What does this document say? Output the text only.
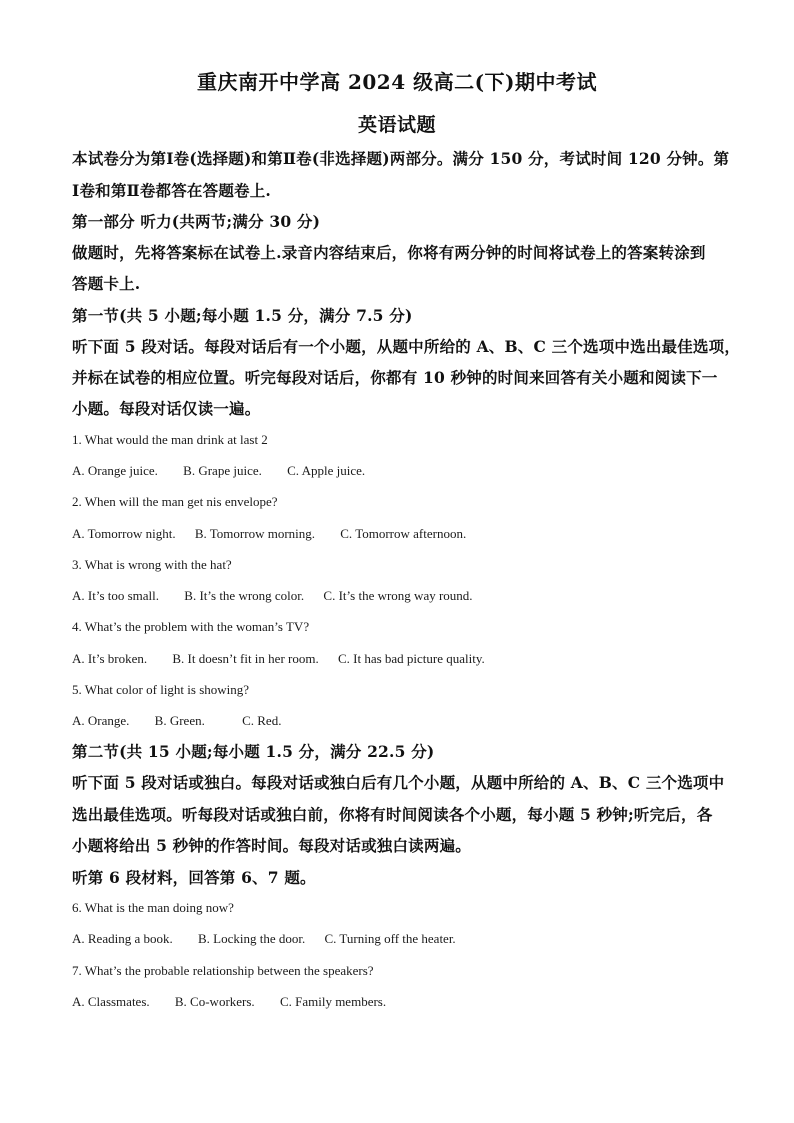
重庆南开中学高 2024 级高二(下)期中考试
英语试题
本试卷分为第Ⅰ卷(选择题)和第Ⅱ卷(非选择题)两部分。满分 150 分，考试时间 120 分钟。第
Ⅰ卷和第Ⅱ卷都答在答题卷上.
第一部分 听力(共两节;满分 30 分)
做题时，先将答案标在试卷上.录音内容结束后，你将有两分钟的时间将试卷上的答案转涂到
答题卡上.
第一节(共 5 小题;每小题 1.5 分，满分 7.5 分)
听下面 5 段对话。每段对话后有一个小题，从题中所给的 A、B、C 三个选项中选出最佳选项，
并标在试卷的相应位置。听完每段对话后，你都有 10 秒钟的时间来回答有关小题和阅读下一
小题。每段对话仅读一遍。
1. What would the man drink at last 2
A. Orange juice. B. Grape juice. C. Apple juice.
2. When will the man get nis envelope?
A. Tomorrow night. B. Tomorrow morning. C. Tomorrow afternoon.
3. What is wrong with the hat?
A. It’s too small. B. It’s the wrong color. C. It’s the wrong way round.
4. What’s the problem with the woman’s TV?
A. It’s broken. B. It doesn’t fit in her room. C. It has bad picture quality.
5. What color of light is showing?
A. Orange. B. Green.	C. Red.
第二节(共 15 小题;每小题 1.5 分，满分 22.5 分)
听下面 5 段对话或独白。每段对话或独白后有几个小题，从题中所给的 A、B、C 三个选项中
选出最佳选项。听每段对话或独白前，你将有时间阅读各个小题，每小题 5 秒钟;听完后，各
小题将给出 5 秒钟的作答时间。每段对话或独白读两遍。
听第 6 段材料，回答第 6、7 题。
6. What is the man doing now?
A. Reading a book. B. Locking the door. C. Turning off the heater.
7. What’s the probable relationship between the speakers?
A. Classmates. B. Co-workers. C. Family members.
